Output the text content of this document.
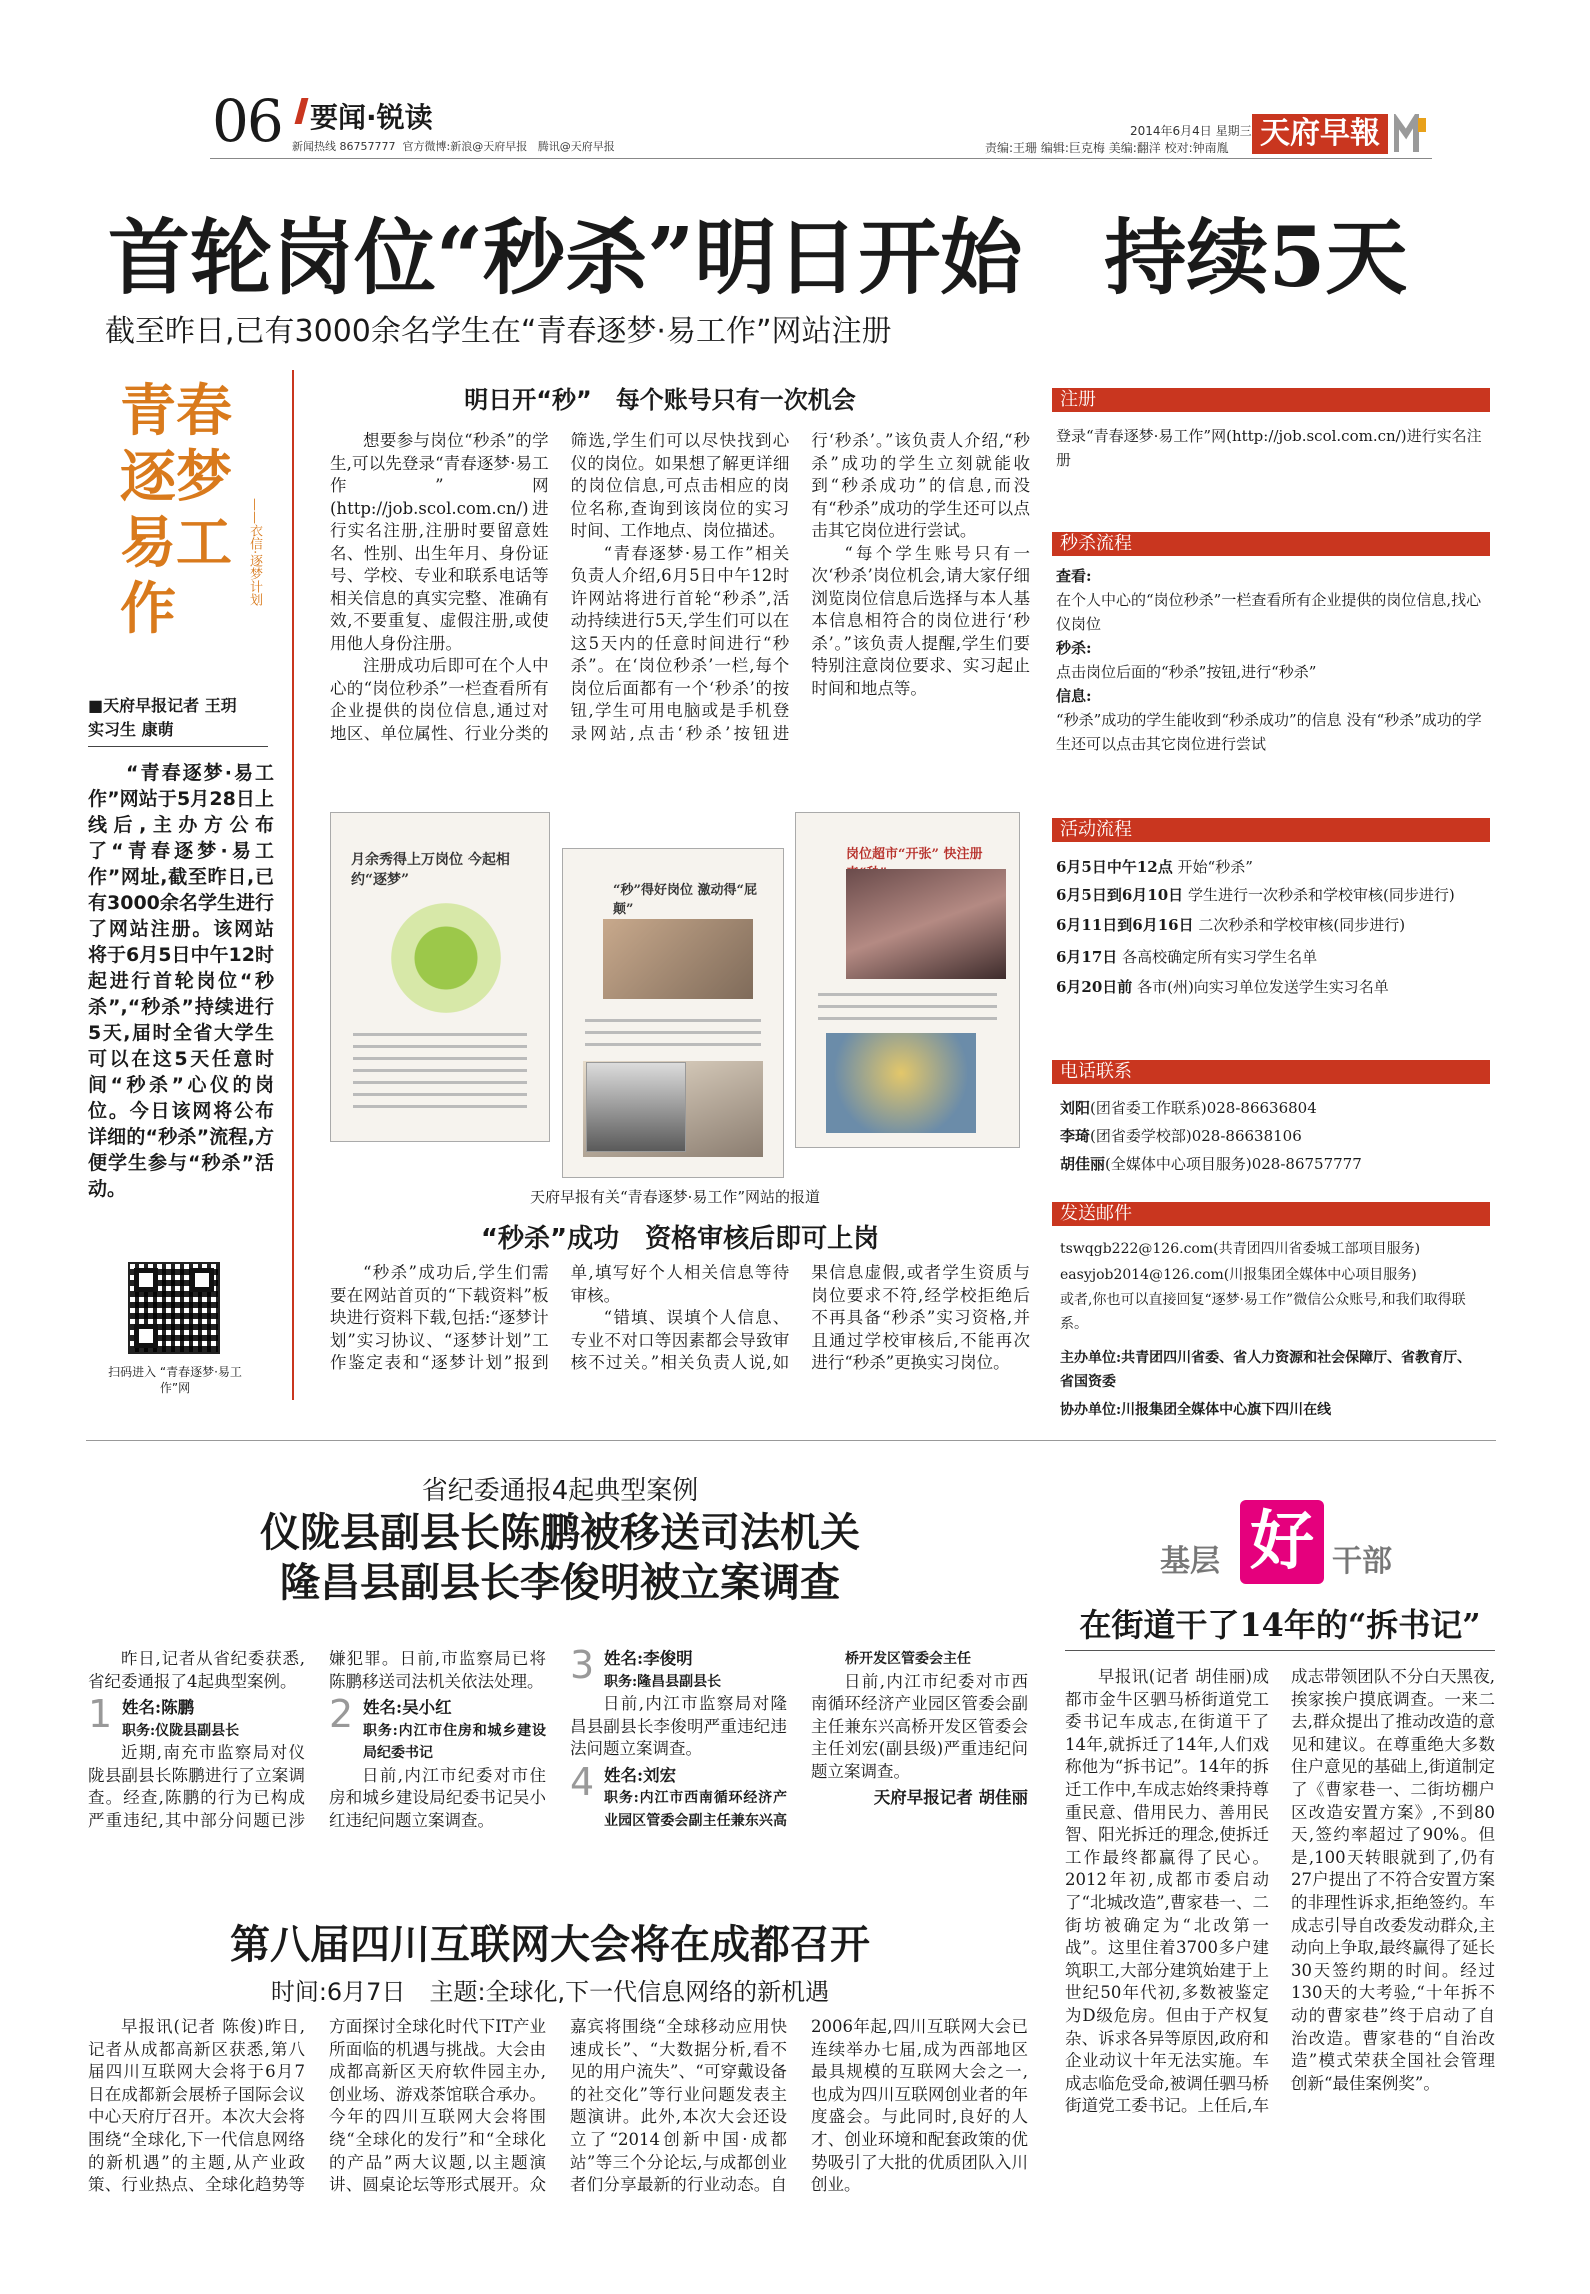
06 要闻·锐读
新闻热线 86757777 官方微博:新浪@天府早报 腾讯@天府早报
2014年6月4日 星期三
责编:王珊 编辑:巨克梅 美编:翻洋 校对:钟南胤 天府早報
首轮岗位“秒杀”明日开始　持续5天
截至昨日,已有3000余名学生在“青春逐梦·易工作”网站注册
青春逐梦易工作
——衣信·逐梦计划
■天府早报记者 王玥 实习生 康萌
“青春逐梦·易工作”网站于5月28日上线后,主办方公布了“青春逐梦·易工作”网址,截至昨日,已有3000余名学生进行了网站注册。该网站将于6月5日中午12时起进行首轮岗位“秒杀”,“秒杀”持续进行5天,届时全省大学生可以在这5天任意时间“秒杀”心仪的岗位。今日该网将公布详细的“秒杀”流程,方便学生参与“秒杀”活动。
扫码进入 “青春逐梦·易工作”网
明日开“秒”　每个账号只有一次机会

想要参与岗位“秒杀”的学生,可以先登录“青春逐梦·易工作”网(http://job.scol.com.cn/)进行实名注册,注册时要留意姓名、性别、出生年月、身份证号、学校、专业和联系电话等相关信息的真实完整、准确有效,不要重复、虚假注册,或使用他人身份注册。

注册成功后即可在个人中心的“岗位秒杀”一栏查看所有企业提供的岗位信息,通过对地区、单位属性、行业分类的筛选,学生们可以尽快找到心仪的岗位。如果想了解更详细的岗位信息,可点击相应的岗位名称,查询到该岗位的实习时间、工作地点、岗位描述。

“青春逐梦·易工作”相关负责人介绍,6月5日中午12时许网站将进行首轮“秒杀”,活动持续进行5天,学生们可以在这5天内的任意时间进行“秒杀”。在‘岗位秒杀’一栏,每个岗位后面都有一个‘秒杀’的按钮,学生可用电脑或是手机登录网站,点击‘秒杀’按钮进行‘秒杀’。”该负责人介绍,“秒杀”成功的学生立刻就能收到“秒杀成功”的信息,而没有“秒杀”成功的学生还可以点击其它岗位进行尝试。

“每个学生账号只有一次‘秒杀’岗位机会,请大家仔细浏览岗位信息后选择与本人基本信息相符合的岗位进行‘秒杀’。”该负责人提醒,学生们要特别注意岗位要求、实习起止时间和地点等。

月余秀得上万岗位 今起相约“逐梦”
“秒”得好岗位 激动得“屁颠”
岗位超市“开张” 快注册
天府早报有关“青春逐梦·易工作”网站的报道
“秒杀”成功　资格审核后即可上岗

“秒杀”成功后,学生们需要在网站首页的“下载资料”板块进行资料下载,包括:“逐梦计划”实习协议、“逐梦计划”工作鉴定表和“逐梦计划”报到单,填写好个人相关信息等待审核。

“错填、误填个人信息、专业不对口等因素都会导致审核不过关。”相关负责人说,如果信息虚假,或者学生资质与岗位要求不符,经学校拒绝后不再具备“秒杀”实习资格,并且通过学校审核后,不能再次进行“秒杀”更换实习岗位。

注册
登录“青春逐梦·易工作”网(http://job.scol.com.cn/)进行实名注册
秒杀流程
查看:
在个人中心的“岗位秒杀”一栏查看所有企业提供的岗位信息,找心仪岗位
秒杀:
点击岗位后面的“秒杀”按钮,进行“秒杀”
信息:
“秒杀”成功的学生能收到“秒杀成功”的信息 没有“秒杀”成功的学生还可以点击其它岗位进行尝试
活动流程
6月5日中午12点 开始“秒杀”
6月5日到6月10日 学生进行一次秒杀和学校审核(同步进行)
6月11日到6月16日 二次秒杀和学校审核(同步进行)
6月17日 各高校确定所有实习学生名单
6月20日前 各市(州)向实习单位发送学生实习名单
电话联系
刘阳(团省委工作联系)028-86636804
李琦(团省委学校部)028-86638106
胡佳丽(全媒体中心项目服务)028-86757777
发送邮件
tswqgb222@126.com(共青团四川省委城工部项目服务)
easyjob2014@126.com(川报集团全媒体中心项目服务)
或者,你也可以直接回复“逐梦·易工作”微信公众账号,和我们取得联系。
主办单位:共青团四川省委、省人力资源和社会保障厅、省教育厅、省国资委
协办单位:川报集团全媒体中心旗下四川在线
省纪委通报4起典型案例
仪陇县副县长陈鹏被移送司法机关
隆昌县副县长李俊明被立案调查

昨日,记者从省纪委获悉,省纪委通报了4起典型案例。

1 姓名:陈鹏
职务:仪陇县副县长

近期,南充市监察局对仪陇县副县长陈鹏进行了立案调查。经查,陈鹏的行为已构成严重违纪,其中部分问题已涉嫌犯罪。日前,市监察局已将陈鹏移送司法机关依法处理。

2 姓名:吴小红
职务:内江市住房和城乡建设局纪委书记

日前,内江市纪委对市住房和城乡建设局纪委书记吴小红违纪问题立案调查。

3 姓名:李俊明
职务:隆昌县副县长

日前,内江市监察局对隆昌县副县长李俊明严重违纪违法问题立案调查。

4 姓名:刘宏
职务:内江市西南循环经济产业园区管委会副主任兼东兴高桥开发区管委会主任

日前,内江市纪委对市西南循环经济产业园区管委会副主任兼东兴高桥开发区管委会主任刘宏(副县级)严重违纪问题立案调查。

天府早报记者 胡佳丽

第八届四川互联网大会将在成都召开
时间:6月7日　主题:全球化,下一代信息网络的新机遇
早报讯(记者 陈俊)昨日,记者从成都高新区获悉,第八届四川互联网大会将于6月7日在成都新会展桥子国际会议中心天府厅召开。本次大会将围绕“全球化,下一代信息网络的新机遇”的主题,从产业政策、行业热点、全球化趋势等方面探讨全球化时代下IT产业所面临的机遇与挑战。大会由成都高新区天府软件园主办,创业场、游戏茶馆联合承办。今年的四川互联网大会将围绕“全球化的发行”和“全球化的产品”两大议题,以主题演讲、圆桌论坛等形式展开。众嘉宾将围绕“全球移动应用快速成长”、“大数据分析,看不见的用户流失”、“可穿戴设备的社交化”等行业问题发表主题演讲。此外,本次大会还设立了“2014创新中国·成都站”等三个分论坛,与成都创业者们分享最新的行业动态。自2006年起,四川互联网大会已连续举办七届,成为西部地区最具规模的互联网大会之一,也成为四川互联网创业者的年度盛会。与此同时,良好的人才、创业环境和配套政策的优势吸引了大批的优质团队入川创业。
基层 好 干部
在街道干了14年的“拆书记”
早报讯(记者 胡佳丽)成都市金牛区驷马桥街道党工委书记车成志,在街道干了14年,就拆迁了14年,人们戏称他为“拆书记”。14年的拆迁工作中,车成志始终秉持尊重民意、借用民力、善用民智、阳光拆迁的理念,使拆迁工作最终都赢得了民心。2012年初,成都市委启动了“北城改造”,曹家巷一、二街坊被确定为“北改第一战”。这里住着3700多户建筑职工,大部分建筑始建于上世纪50年代初,多数被鉴定为D级危房。但由于产权复杂、诉求各异等原因,政府和企业动议十年无法实施。车成志临危受命,被调任驷马桥街道党工委书记。上任后,车成志带领团队不分白天黑夜,挨家挨户摸底调查。一来二去,群众提出了推动改造的意见和建议。在尊重绝大多数住户意见的基础上,街道制定了《曹家巷一、二街坊棚户区改造安置方案》,不到80天,签约率超过了90%。但是,100天转眼就到了,仍有27户提出了不符合安置方案的非理性诉求,拒绝签约。车成志引导自改委发动群众,主动向上争取,最终赢得了延长30天签约期的时间。经过130天的大考验,“十年拆不动的曹家巷”终于启动了自治改造。曹家巷的“自治改造”模式荣获全国社会管理创新“最佳案例奖”。
